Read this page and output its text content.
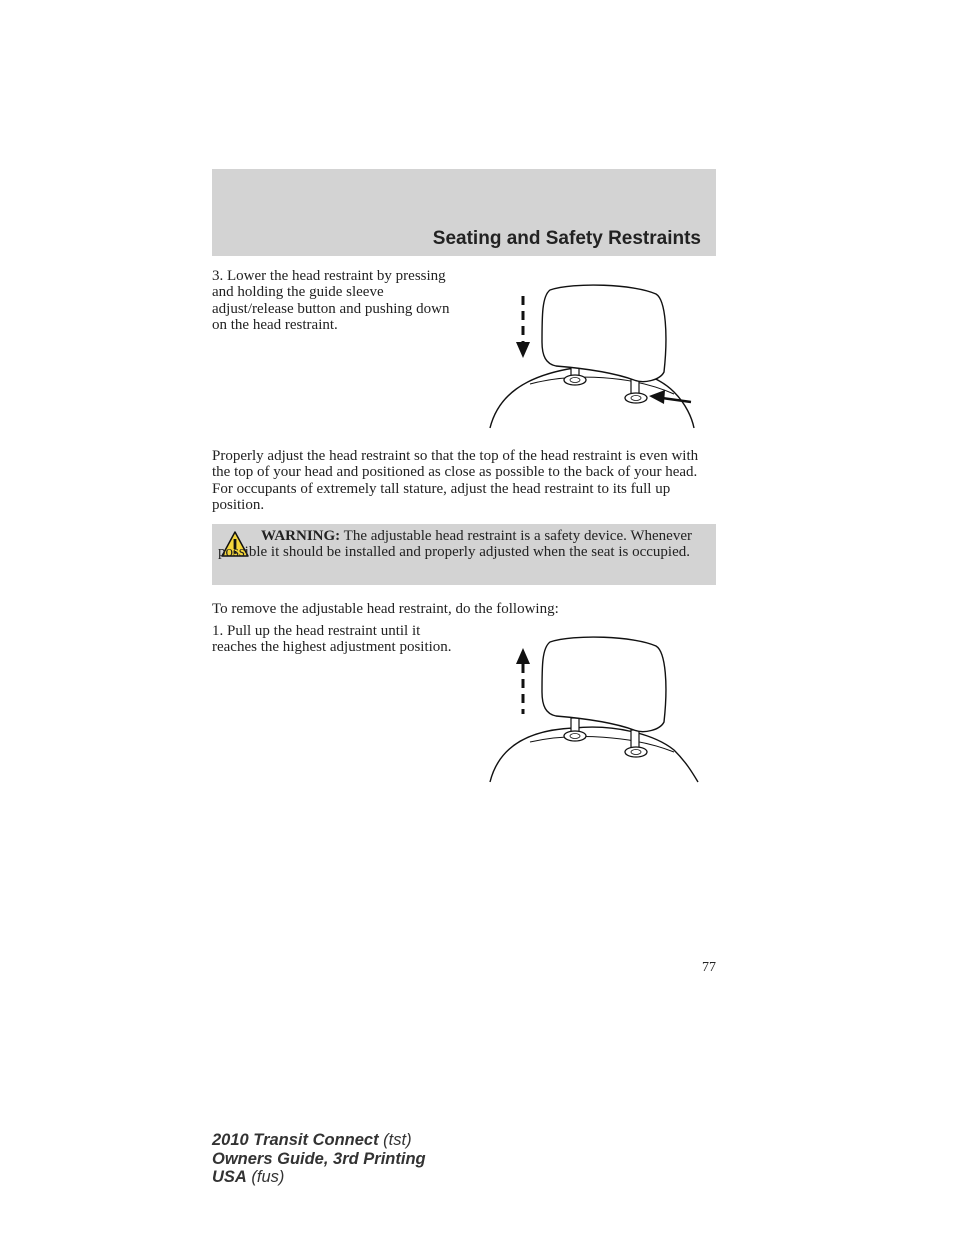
Seating and Safety Restraints
3. Lower the head restraint by pressing and holding the guide sleeve adjust/release button and pushing down on the head restraint.
Properly adjust the head restraint so that the top of the head restraint is even with the top of your head and positioned as close as possible to the back of your head. For occupants of extremely tall stature, adjust the head restraint to its full up position.
WARNING: The adjustable head restraint is a safety device. Whenever possible it should be installed and properly adjusted when the seat is occupied.
To remove the adjustable head restraint, do the following:
1. Pull up the head restraint until it reaches the highest adjustment position.
77
2010 Transit Connect (tst)
Owners Guide, 3rd Printing
USA (fus)
